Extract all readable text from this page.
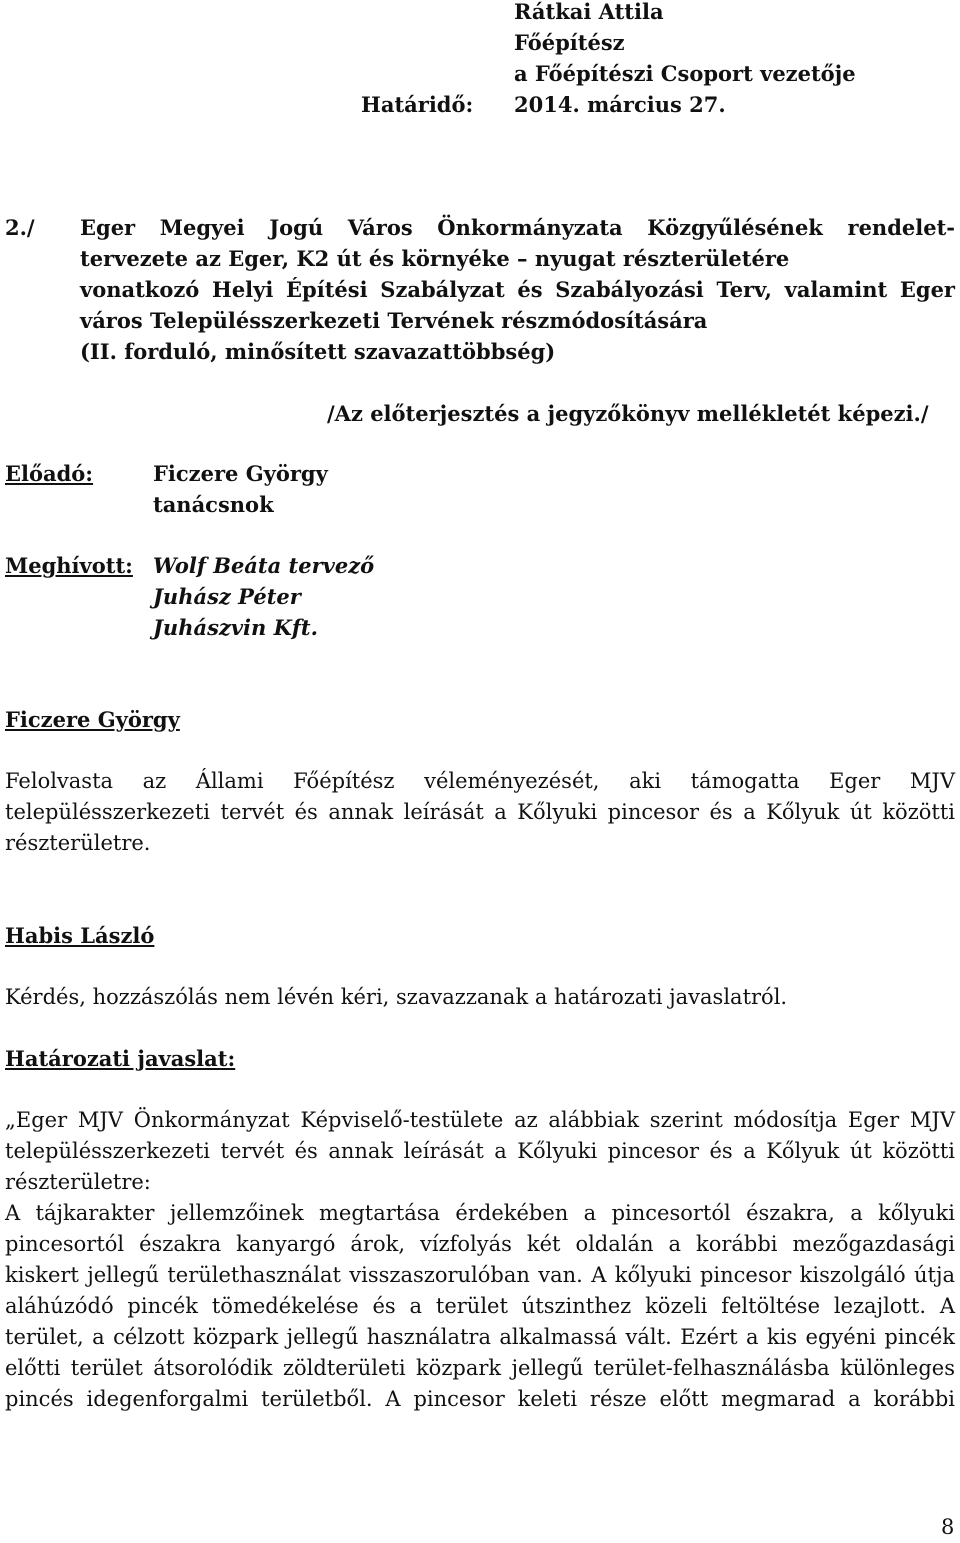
Rátkai Attila
Főépítész
a Főépítészi Csoport vezetője
Határidő: 2014. március 27.
2./ Eger Megyei Jogú Város Önkormányzata Közgyűlésének rendelet-
tervezete az Eger, K2 út és környéke – nyugat részterületére
vonatkozó Helyi Építési Szabályzat és Szabályozási Terv, valamint Eger
város Településszerkezeti Tervének részmódosítására
(II. forduló, minősített szavazattöbbség)
/Az előterjesztés a jegyzőkönyv mellékletét képezi./
Előadó:	Ficzere György
tanácsnok
Meghívott: Wolf Beáta tervező
Juhász Péter
Juhászvin Kft.
Ficzere György

Felolvasta az Állami Főépítész véleményezését, aki támogatta Eger MJV településszerkezeti tervét és annak leírását a Kőlyuki pincesor és a Kőlyuk út közötti részterületre.

Habis László
Kérdés, hozzászólás nem lévén kéri, szavazzanak a határozati javaslatról.
Határozati javaslat:

„Eger MJV Önkormányzat Képviselő-testülete az alábbiak szerint módosítja Eger MJV településszerkezeti tervét és annak leírását a Kőlyuki pincesor és a Kőlyuk út közötti részterületre:

A tájkarakter jellemzőinek megtartása érdekében a pincesortól északra, a kőlyuki pincesortól északra kanyargó árok, vízfolyás két oldalán a korábbi mezőgazdasági kiskert jellegű területhasználat visszaszorulóban van. A kőlyuki pincesor kiszolgáló útja aláhúzódó pincék tömedékelése és a terület útszinthez közeli feltöltése lezajlott. A terület, a célzott közpark jellegű használatra alkalmassá vált. Ezért a kis egyéni pincék előtti terület átsorolódik zöldterületi közpark jellegű terület-felhasználásba különleges pincés idegenforgalmi területből. A pincesor keleti része előtt megmarad a korábbi

8
